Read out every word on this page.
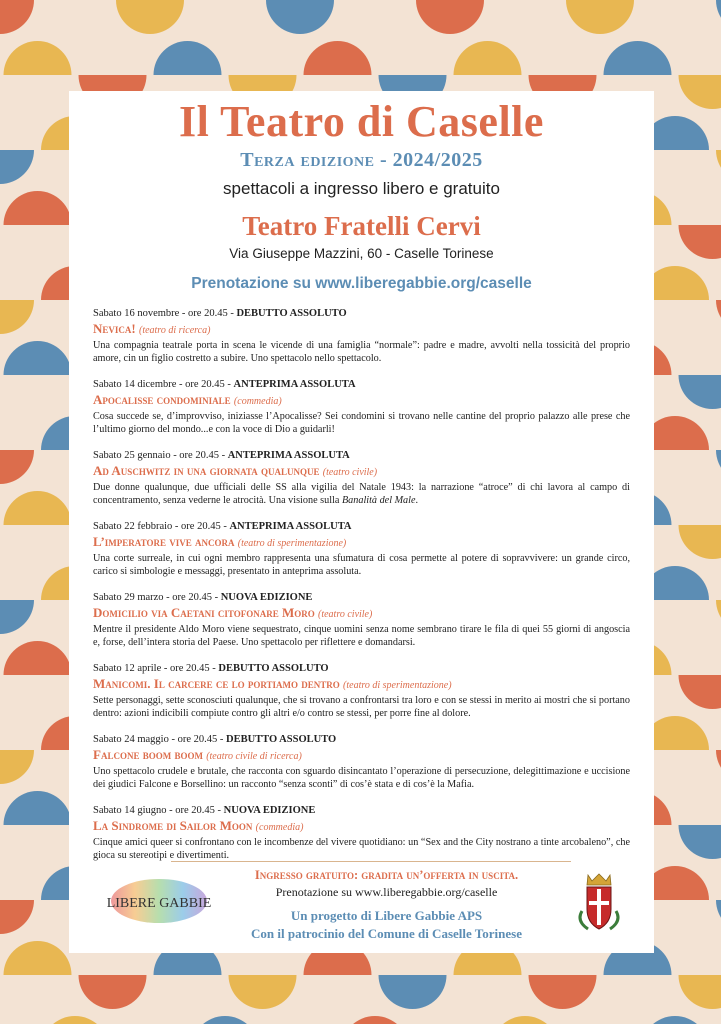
Il Teatro di Caselle
Terza edizione - 2024/2025
spettacoli a ingresso libero e gratuito
Teatro Fratelli Cervi
Via Giuseppe Mazzini, 60 - Caselle Torinese
Prenotazione su www.liberegabbie.org/caselle
Sabato 16 novembre - ore 20.45 - DEBUTTO ASSOLUTO
Nevica! (teatro di ricerca)
Una compagnia teatrale porta in scena le vicende di una famiglia “normale”: padre e madre, avvolti nella tossicità del proprio amore, cin un figlio costretto a subire. Uno spettacolo nello spettacolo.
Sabato 14 dicembre - ore 20.45 - ANTEPRIMA ASSOLUTA
Apocalisse condominiale (commedia)
Cosa succede se, d’improvviso, iniziasse l’Apocalisse? Sei condomini si trovano nelle cantine del proprio palazzo alle prese che l’ultimo giorno del mondo...e con la voce di Dio a guidarli!
Sabato 25 gennaio - ore 20.45 - ANTEPRIMA ASSOLUTA
Ad Auschwitz in una giornata qualunque (teatro civile)
Due donne qualunque, due ufficiali delle SS alla vigilia del Natale 1943: la narrazione “atroce” di chi lavora al campo di concentramento, senza vederne le atrocità. Una visione sulla Banalità del Male.
Sabato 22 febbraio - ore 20.45 - ANTEPRIMA ASSOLUTA
L’imperatore vive ancora (teatro di sperimentazione)
Una corte surreale, in cui ogni membro rappresenta una sfumatura di cosa permette al potere di sopravvivere: un grande circo, carico si simbologie e messaggi, presentato in anteprima assoluta.
Sabato 29 marzo - ore 20.45 - NUOVA EDIZIONE
Domicilio via Caetani citofonare Moro (teatro civile)
Mentre il presidente Aldo Moro viene sequestrato, cinque uomini senza nome sembrano tirare le fila di quei 55 giorni di angoscia e, forse, dell’intera storia del Paese. Uno spettacolo per riflettere e domandarsi.
Sabato 12 aprile - ore 20.45 - DEBUTTO ASSOLUTO
Manicomi. Il carcere ce lo portiamo dentro (teatro di sperimentazione)
Sette personaggi, sette sconosciuti qualunque, che si trovano a confrontarsi tra loro e con se stessi in merito ai mostri che si portano dentro: azioni indicibili compiute contro gli altri e/o contro se stessi, per porre fine al dolore.
Sabato 24 maggio - ore 20.45 - DEBUTTO ASSOLUTO
Falcone boom boom (teatro civile di ricerca)
Uno spettacolo crudele e brutale, che racconta con sguardo disincantato l’operazione di persecuzione, delegittimazione e uccisione dei giudici Falcone e Borsellino: un racconto “senza sconti” di cos’è stata e di cos’è la Mafia.
Sabato 14 giugno - ore 20.45 - NUOVA EDIZIONE
La Sindrome di Sailor Moon (commedia)
Cinque amici queer si confrontano con le incombenze del vivere quotidiano: un “Sex and the City nostrano a tinte arcobaleno”, che gioca su stereotipi e divertimenti.
LIBERE GABBIE
Ingresso gratuito: gradita un’offerta in uscita.
Prenotazione su www.liberegabbie.org/caselle
Un progetto di Libere Gabbie APS
Con il patrocinio del Comune di Caselle Torinese
